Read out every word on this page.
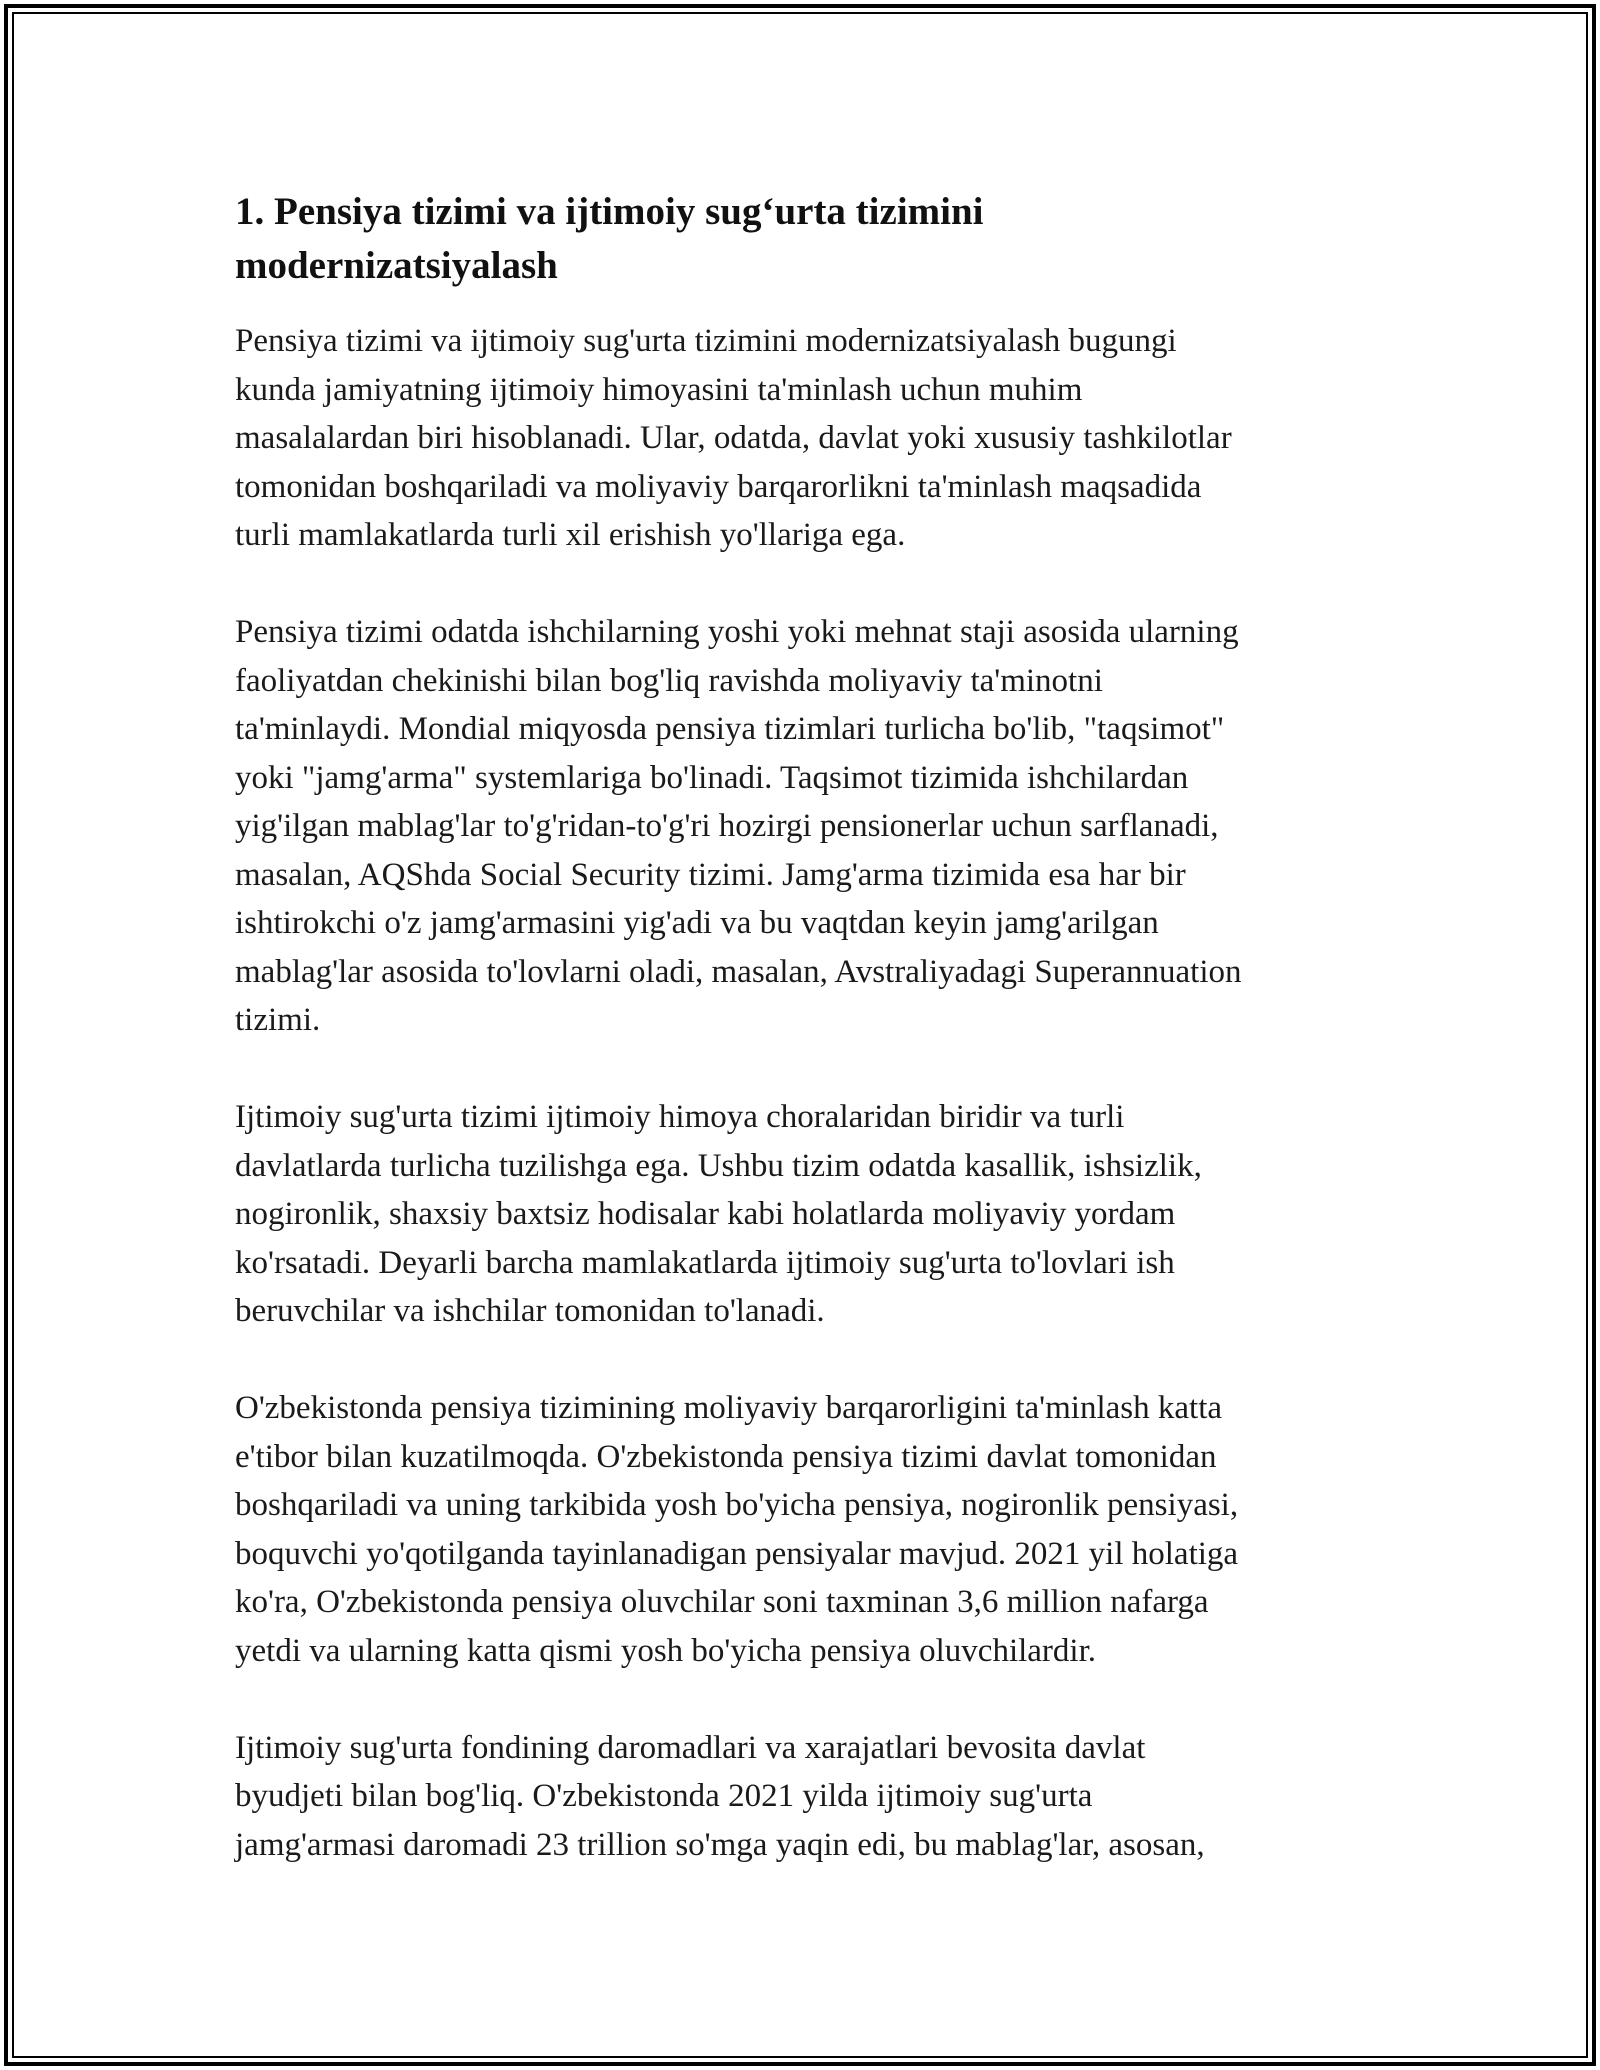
1. Pensiya tizimi va ijtimoiy sug‘urta tizimini
modernizatsiyalash

Pensiya tizimi va ijtimoiy sug'urta tizimini modernizatsiyalash bugungi
kunda jamiyatning ijtimoiy himoyasini ta'minlash uchun muhim
masalalardan biri hisoblanadi. Ular, odatda, davlat yoki xususiy tashkilotlar
tomonidan boshqariladi va moliyaviy barqarorlikni ta'minlash maqsadida
turli mamlakatlarda turli xil erishish yo'llariga ega.

Pensiya tizimi odatda ishchilarning yoshi yoki mehnat staji asosida ularning
faoliyatdan chekinishi bilan bog'liq ravishda moliyaviy ta'minotni
ta'minlaydi. Mondial miqyosda pensiya tizimlari turlicha bo'lib, "taqsimot"
yoki "jamg'arma" systemlariga bo'linadi. Taqsimot tizimida ishchilardan
yig'ilgan mablag'lar to'g'ridan-to'g'ri hozirgi pensionerlar uchun sarflanadi,
masalan, AQShda Social Security tizimi. Jamg'arma tizimida esa har bir
ishtirokchi o'z jamg'armasini yig'adi va bu vaqtdan keyin jamg'arilgan
mablag'lar asosida to'lovlarni oladi, masalan, Avstraliyadagi Superannuation
tizimi.

Ijtimoiy sug'urta tizimi ijtimoiy himoya choralaridan biridir va turli
davlatlarda turlicha tuzilishga ega. Ushbu tizim odatda kasallik, ishsizlik,
nogironlik, shaxsiy baxtsiz hodisalar kabi holatlarda moliyaviy yordam
ko'rsatadi. Deyarli barcha mamlakatlarda ijtimoiy sug'urta to'lovlari ish
beruvchilar va ishchilar tomonidan to'lanadi.

O'zbekistonda pensiya tizimining moliyaviy barqarorligini ta'minlash katta
e'tibor bilan kuzatilmoqda. O'zbekistonda pensiya tizimi davlat tomonidan
boshqariladi va uning tarkibida yosh bo'yicha pensiya, nogironlik pensiyasi,
boquvchi yo'qotilganda tayinlanadigan pensiyalar mavjud. 2021 yil holatiga
ko'ra, O'zbekistonda pensiya oluvchilar soni taxminan 3,6 million nafarga
yetdi va ularning katta qismi yosh bo'yicha pensiya oluvchilardir.

Ijtimoiy sug'urta fondining daromadlari va xarajatlari bevosita davlat
byudjeti bilan bog'liq. O'zbekistonda 2021 yilda ijtimoiy sug'urta
jamg'armasi daromadi 23 trillion so'mga yaqin edi, bu mablag'lar, asosan,
